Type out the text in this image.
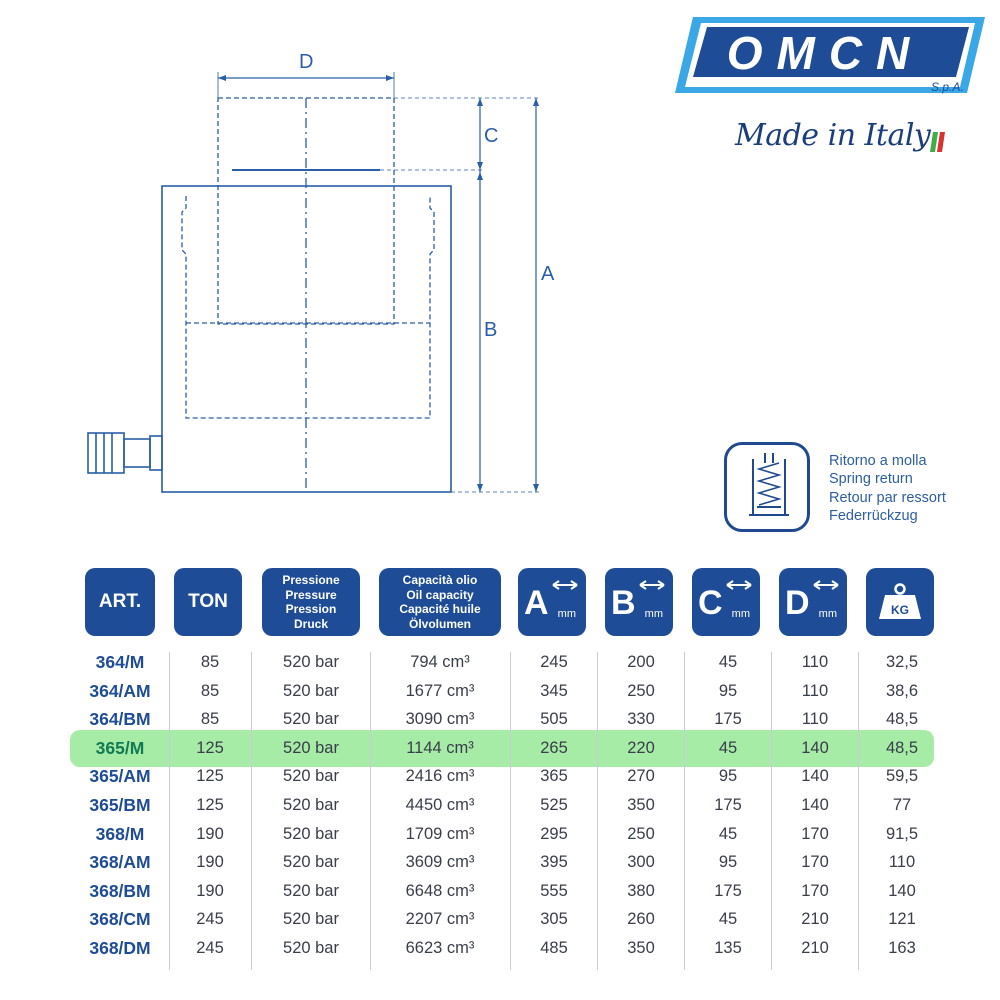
D
C
B
A
OMCN
S.p.A.
Made in Italy
Ritorno a molla
Spring return
Retour par ressort
Federrückzug
ART. TON
Pressione
Pressure
Pression
Druck
Capacità olio
Oil capacity
Capacité huile
Ölvolumen
A mm B mm C mm D mm	KG
364/M	85	520 bar	794 cm³	245	200	45	110	32,5
364/AM	85	520 bar	1677 cm³	345	250	95	110	38,6
364/BM	85	520 bar	3090 cm³	505	330	175	110	48,5
365/M	125	520 bar	1144 cm³	265	220	45	140	48,5
365/AM	125	520 bar	2416 cm³	365	270	95	140	59,5
365/BM	125	520 bar	4450 cm³	525	350	175	140	77
368/M	190	520 bar	1709 cm³	295	250	45	170	91,5
368/AM	190	520 bar	3609 cm³	395	300	95	170	110
368/BM	190	520 bar	6648 cm³	555	380	175	170	140
368/CM	245	520 bar	2207 cm³	305	260	45	210	121
368/DM	245	520 bar	6623 cm³	485	350	135	210	163
